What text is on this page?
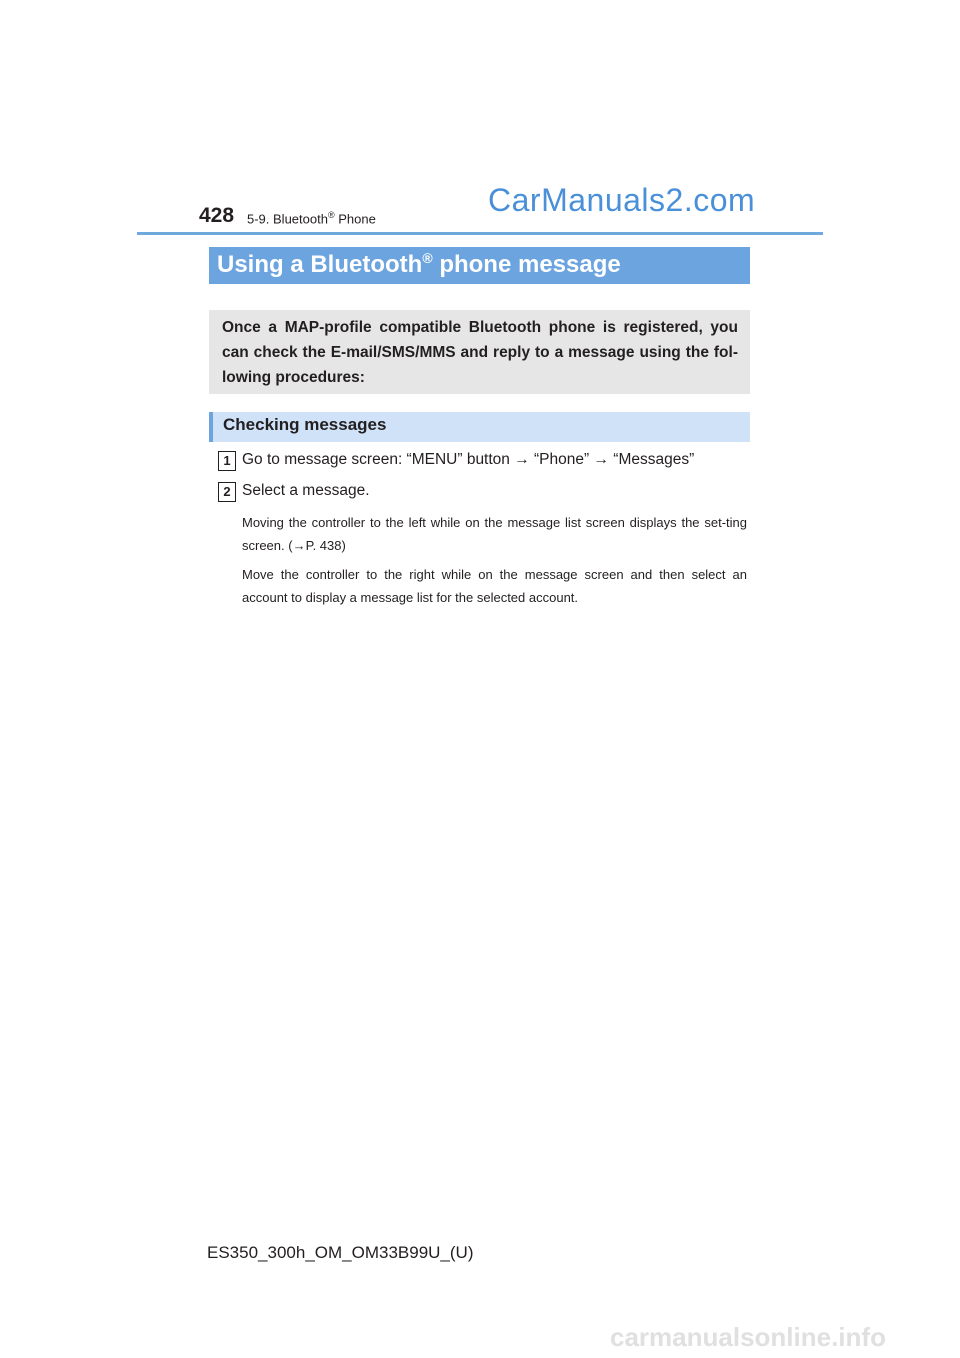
428 5-9. Bluetooth® Phone
CarManuals2.com
Using a Bluetooth® phone message
Once a MAP-profile compatible Bluetooth phone is registered, you can check the E-mail/SMS/MMS and reply to a message using the fol-lowing procedures:
Checking messages
1 Go to message screen: “MENU” button → “Phone” → “Messages”
2 Select a message.
Moving the controller to the left while on the message list screen displays the set-ting screen. (→P. 438)
Move the controller to the right while on the message screen and then select an account to display a message list for the selected account.
ES350_300h_OM_OM33B99U_(U)
carmanualsonline.info
